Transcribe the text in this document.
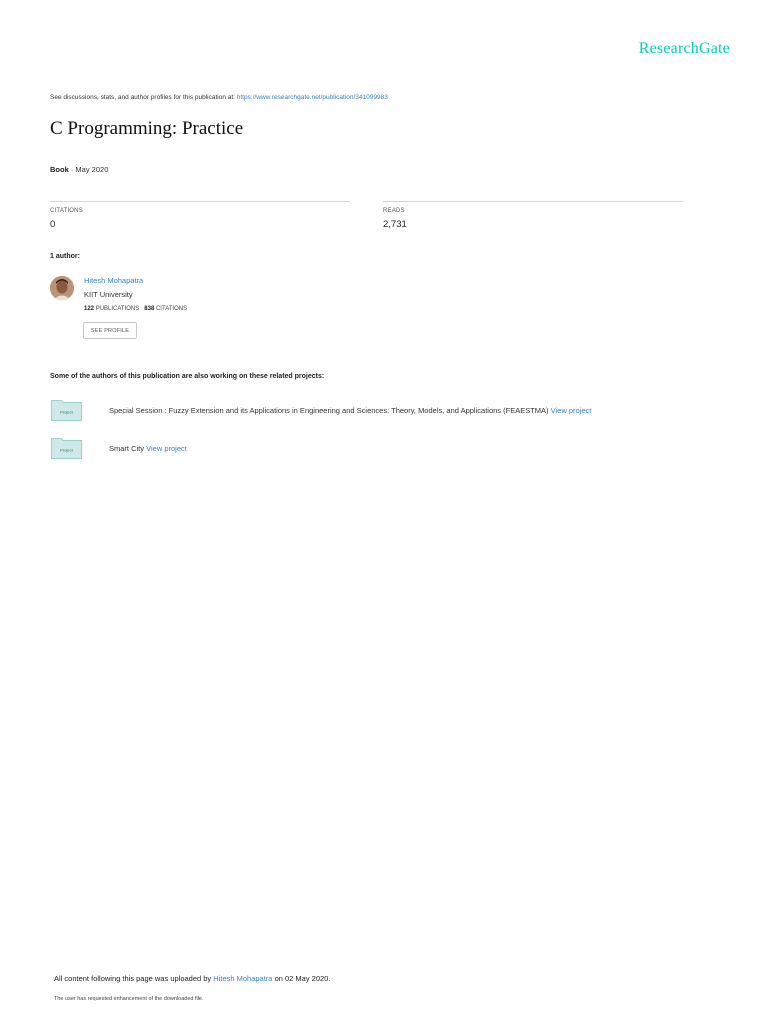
ResearchGate
See discussions, stats, and author profiles for this publication at: https://www.researchgate.net/publication/341099983
C Programming: Practice
Book · May 2020
CITATIONS
0
READS
2,731
1 author:
Hitesh Mohapatra
KIIT University
122 PUBLICATIONS 838 CITATIONS
SEE PROFILE
Some of the authors of this publication are also working on these related projects:
Project	Special Session : Fuzzy Extension and its Applications in Engineering and Sciences: Theory, Models, and Applications (FEAESTMA) View project
Project	Smart City View project
All content following this page was uploaded by Hitesh Mohapatra on 02 May 2020.
The user has requested enhancement of the downloaded file.
